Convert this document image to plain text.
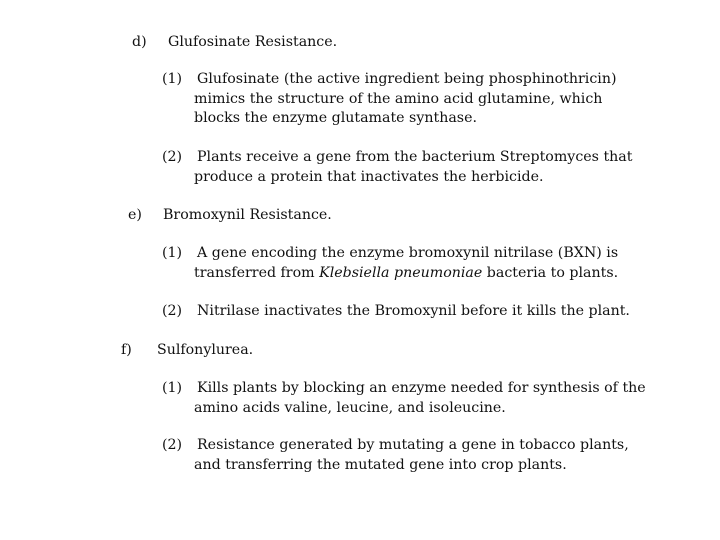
d) Glufosinate Resistance.
(1)	Glufosinate (the active ingredient being phosphinothricin)
mimics the structure of the amino acid glutamine, which
blocks the enzyme glutamate synthase.
(2)	Plants receive a gene from the bacterium Streptomyces that
produce a protein that inactivates the herbicide.
e) Bromoxynil Resistance.
(1)	A gene encoding the enzyme bromoxynil nitrilase (BXN) is
transferred from Klebsiella pneumoniae bacteria to plants.
(2)	Nitrilase inactivates the Bromoxynil before it kills the plant.
f) Sulfonylurea.
(1)	Kills plants by blocking an enzyme needed for synthesis of the
amino acids valine, leucine, and isoleucine.
(2)	Resistance generated by mutating a gene in tobacco plants,
and transferring the mutated gene into crop plants.
